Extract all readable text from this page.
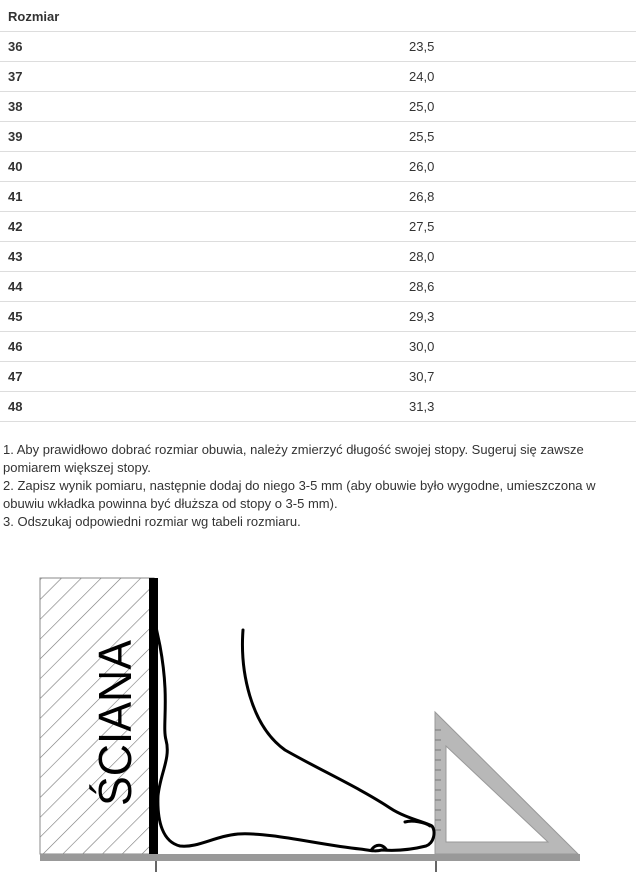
Rozmiar	
36	23,5
37	24,0
38	25,0
39	25,5
40	26,0
41	26,8
42	27,5
43	28,0
44	28,6
45	29,3
46	30,0
47	30,7
48	31,3

1. Aby prawidłowo dobrać rozmiar obuwia, należy zmierzyć długość swojej stopy. Sugeruj się zawsze pomiarem większej stopy.

2. Zapisz wynik pomiaru, następnie dodaj do niego 3-5 mm (aby obuwie było wygodne, umieszczona w obuwiu wkładka powinna być dłuższa od stopy o 3-5 mm).

3. Odszukaj odpowiedni rozmiar wg tabeli rozmiaru.

ŚCIANA
